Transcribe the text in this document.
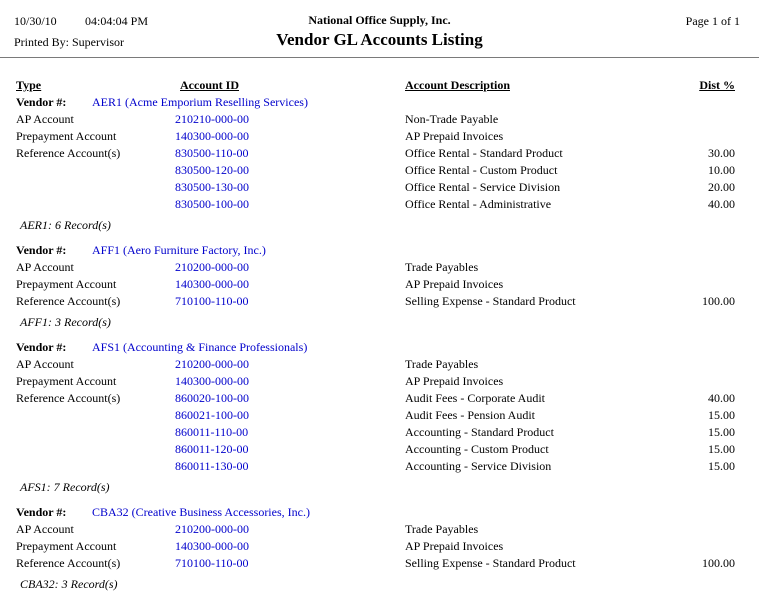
10/30/10 04:04:04 PM	National Office Supply, Inc.	Page 1 of 1
Printed By: Supervisor	Vendor GL Accounts Listing
Type	Account ID	Account Description	Dist %
Vendor #:	AER1 (Acme Emporium Reselling Services)
AP Account	210210-000-00	Non-Trade Payable
Prepayment Account	140300-000-00	AP Prepaid Invoices
Reference Account(s)	830500-110-00	Office Rental - Standard Product	30.00
830500-120-00	Office Rental - Custom Product	10.00
830500-130-00	Office Rental - Service Division	20.00
830500-100-00	Office Rental - Administrative	40.00
AER1: 6 Record(s)
Vendor #:	AFF1 (Aero Furniture Factory, Inc.)
AP Account	210200-000-00	Trade Payables
Prepayment Account	140300-000-00	AP Prepaid Invoices
Reference Account(s)	710100-110-00	Selling Expense - Standard Product	100.00
AFF1: 3 Record(s)
Vendor #:	AFS1 (Accounting & Finance Professionals)
AP Account	210200-000-00	Trade Payables
Prepayment Account	140300-000-00	AP Prepaid Invoices
Reference Account(s)	860020-100-00	Audit Fees - Corporate Audit	40.00
860021-100-00	Audit Fees - Pension Audit	15.00
860011-110-00	Accounting - Standard Product	15.00
860011-120-00	Accounting - Custom Product	15.00
860011-130-00	Accounting - Service Division	15.00
AFS1: 7 Record(s)
Vendor #:	CBA32 (Creative Business Accessories, Inc.)
AP Account	210200-000-00	Trade Payables
Prepayment Account	140300-000-00	AP Prepaid Invoices
Reference Account(s)	710100-110-00	Selling Expense - Standard Product	100.00
CBA32: 3 Record(s)
